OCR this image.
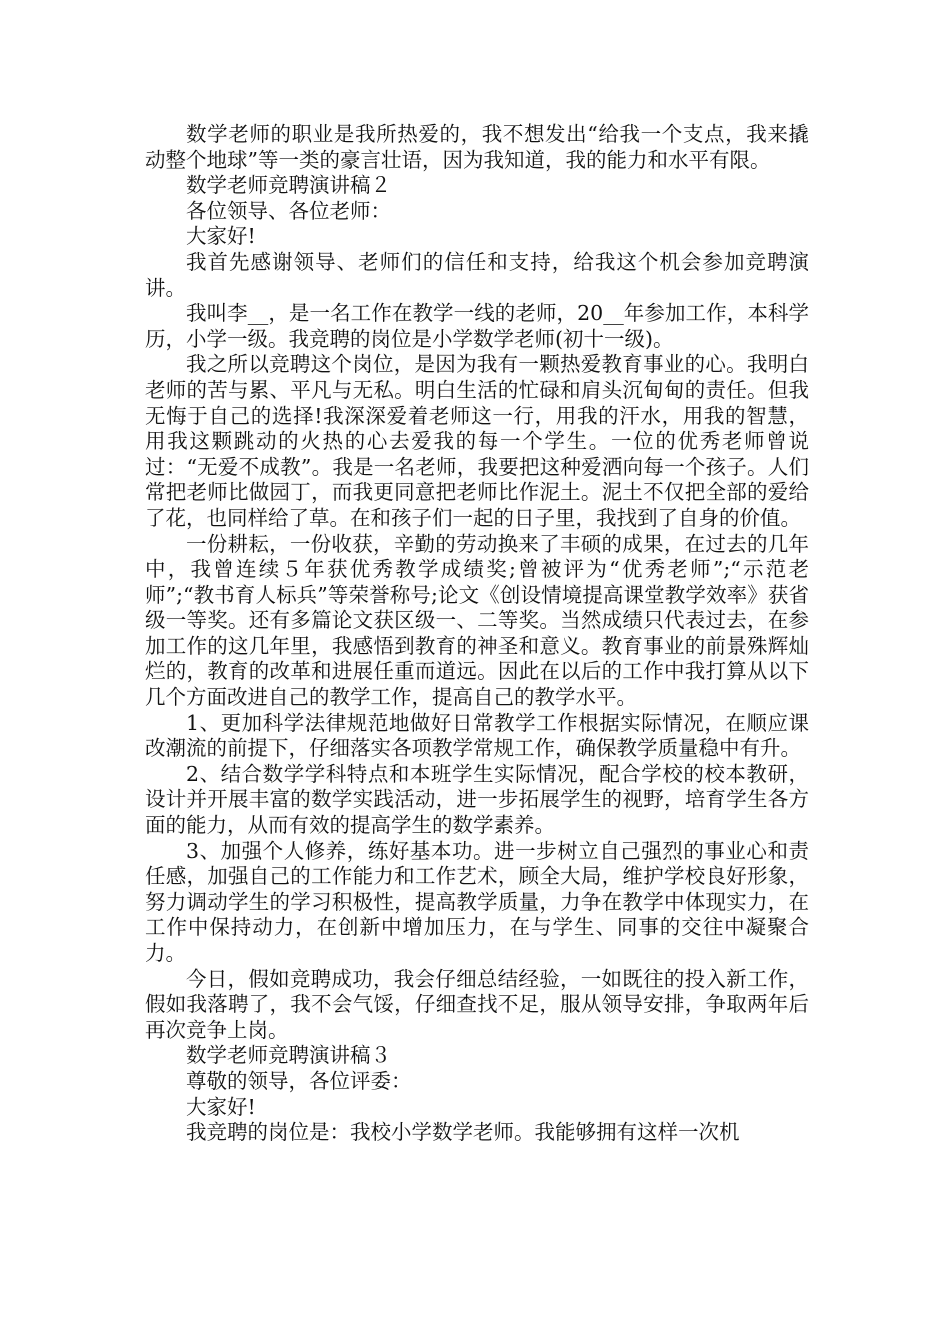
数学老师的职业是我所热爱的，我不想发出“给我一个支点，我来撬动整个地球”等一类的豪言壮语，因为我知道，我的能力和水平有限。

数学老师竞聘演讲稿２

各位领导、各位老师：

大家好!

我首先感谢领导、老师们的信任和支持，给我这个机会参加竞聘演讲。

我叫李__，是一名工作在教学一线的老师，20__年参加工作，本科学历，小学一级。我竞聘的岗位是小学数学老师(初十一级)。

我之所以竞聘这个岗位，是因为我有一颗热爱教育事业的心。我明白老师的苦与累、平凡与无私。明白生活的忙碌和肩头沉甸甸的责任。但我无悔于自己的选择!我深深爱着老师这一行，用我的汗水，用我的智慧，用我这颗跳动的火热的心去爱我的每一个学生。一位的优秀老师曾说过：“无爱不成教”。我是一名老师，我要把这种爱洒向每一个孩子。人们常把老师比做园丁，而我更同意把老师比作泥土。泥土不仅把全部的爱给了花，也同样给了草。在和孩子们一起的日子里，我找到了自身的价值。

一份耕耘，一份收获，辛勤的劳动换来了丰硕的成果，在过去的几年中，我曾连续５年获优秀教学成绩奖;曾被评为“优秀老师”;“示范老师”;“教书育人标兵”等荣誉称号;论文《创设情境提高课堂教学效率》获省级一等奖。还有多篇论文获区级一、二等奖。当然成绩只代表过去，在参加工作的这几年里，我感悟到教育的神圣和意义。教育事业的前景殊辉灿烂的，教育的改革和进展任重而道远。因此在以后的工作中我打算从以下几个方面改进自己的教学工作，提高自己的教学水平。

1、更加科学法律规范地做好日常教学工作根据实际情况，在顺应课改潮流的前提下，仔细落实各项教学常规工作，确保教学质量稳中有升。

2、结合数学学科特点和本班学生实际情况，配合学校的校本教研，设计并开展丰富的数学实践活动，进一步拓展学生的视野，培育学生各方面的能力，从而有效的提高学生的数学素养。

3、加强个人修养，练好基本功。进一步树立自己强烈的事业心和责任感，加强自己的工作能力和工作艺术，顾全大局，维护学校良好形象，努力调动学生的学习积极性，提高教学质量，力争在教学中体现实力，在工作中保持动力，在创新中增加压力，在与学生、同事的交往中凝聚合力。

今日，假如竞聘成功，我会仔细总结经验，一如既往的投入新工作，假如我落聘了，我不会气馁，仔细查找不足，服从领导安排，争取两年后再次竞争上岗。

数学老师竞聘演讲稿３

尊敬的领导，各位评委：

大家好!

我竞聘的岗位是：我校小学数学老师。我能够拥有这样一次机
